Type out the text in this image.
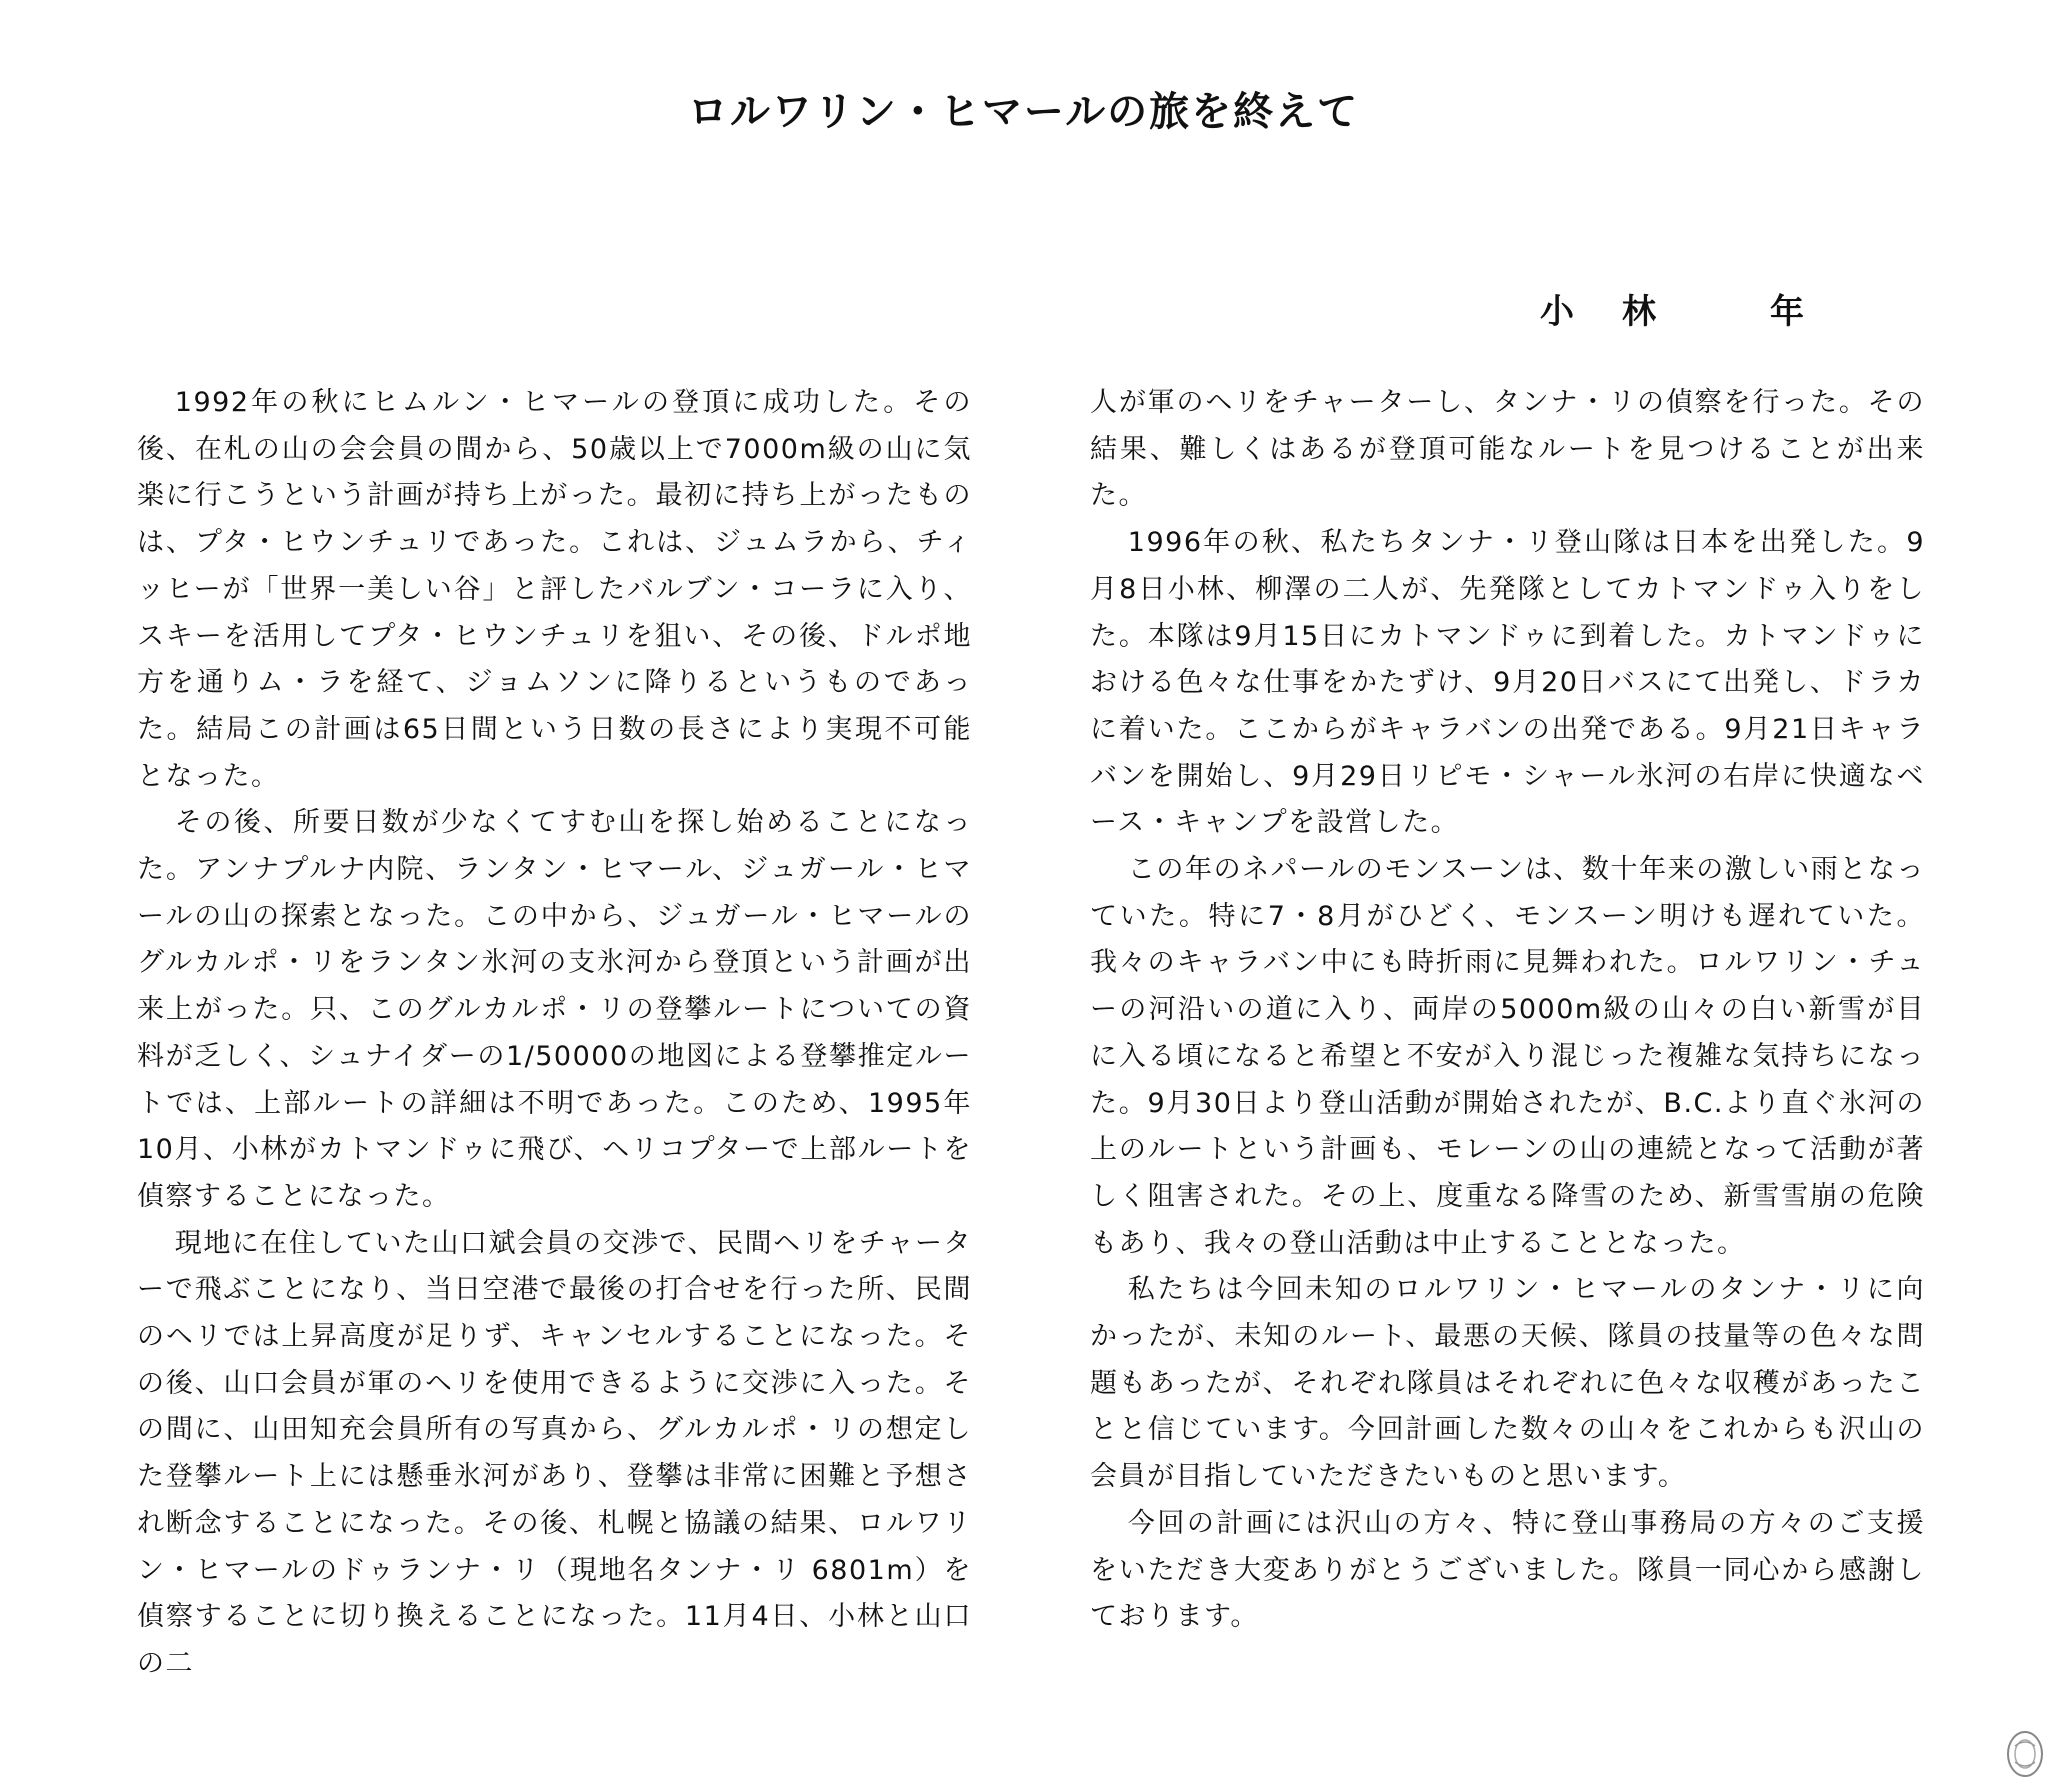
ロルワリン・ヒマールの旅を終えて
小 林	年

1992年の秋にヒムルン・ヒマールの登頂に成功した。その後、在札の山の会会員の間から、50歳以上で7000m級の山に気楽に行こうという計画が持ち上がった。最初に持ち上がったものは、プタ・ヒウンチュリであった。これは、ジュムラから、チィッヒーが「世界一美しい谷」と評したバルブン・コーラに入り、スキーを活用してプタ・ヒウンチュリを狙い、その後、ドルポ地方を通りム・ラを経て、ジョムソンに降りるというものであった。結局この計画は65日間という日数の長さにより実現不可能となった。

その後、所要日数が少なくてすむ山を探し始めることになった。アンナプルナ内院、ランタン・ヒマール、ジュガール・ヒマールの山の探索となった。この中から、ジュガール・ヒマールのグルカルポ・リをランタン氷河の支氷河から登頂という計画が出来上がった。只、このグルカルポ・リの登攀ルートについての資料が乏しく、シュナイダーの1/50000の地図による登攀推定ルートでは、上部ルートの詳細は不明であった。このため、1995年10月、小林がカトマンドゥに飛び、ヘリコプターで上部ルートを偵察することになった。

現地に在住していた山口斌会員の交渉で、民間ヘリをチャーターで飛ぶことになり、当日空港で最後の打合せを行った所、民間のヘリでは上昇高度が足りず、キャンセルすることになった。その後、山口会員が軍のヘリを使用できるように交渉に入った。その間に、山田知充会員所有の写真から、グルカルポ・リの想定した登攀ルート上には懸垂氷河があり、登攀は非常に困難と予想され断念することになった。その後、札幌と協議の結果、ロルワリン・ヒマールのドゥランナ・リ（現地名タンナ・リ 6801m）を偵察することに切り換えることになった。11月4日、小林と山口の二

人が軍のヘリをチャーターし、タンナ・リの偵察を行った。その結果、難しくはあるが登頂可能なルートを見つけることが出来た。

1996年の秋、私たちタンナ・リ登山隊は日本を出発した。9月8日小林、柳澤の二人が、先発隊としてカトマンドゥ入りをした。本隊は9月15日にカトマンドゥに到着した。カトマンドゥにおける色々な仕事をかたずけ、9月20日バスにて出発し、ドラカに着いた。ここからがキャラバンの出発である。9月21日キャラバンを開始し、9月29日リピモ・シャール氷河の右岸に快適なベース・キャンプを設営した。

この年のネパールのモンスーンは、数十年来の激しい雨となっていた。特に7・8月がひどく、モンスーン明けも遅れていた。我々のキャラバン中にも時折雨に見舞われた。ロルワリン・チューの河沿いの道に入り、両岸の5000m級の山々の白い新雪が目に入る頃になると希望と不安が入り混じった複雑な気持ちになった。9月30日より登山活動が開始されたが、B.C.より直ぐ氷河の上のルートという計画も、モレーンの山の連続となって活動が著しく阻害された。その上、度重なる降雪のため、新雪雪崩の危険もあり、我々の登山活動は中止することとなった。

私たちは今回未知のロルワリン・ヒマールのタンナ・リに向かったが、未知のルート、最悪の天候、隊員の技量等の色々な問題もあったが、それぞれ隊員はそれぞれに色々な収穫があったことと信じています。今回計画した数々の山々をこれからも沢山の会員が目指していただきたいものと思います。

今回の計画には沢山の方々、特に登山事務局の方々のご支援をいただき大変ありがとうございました。隊員一同心から感謝しております。
